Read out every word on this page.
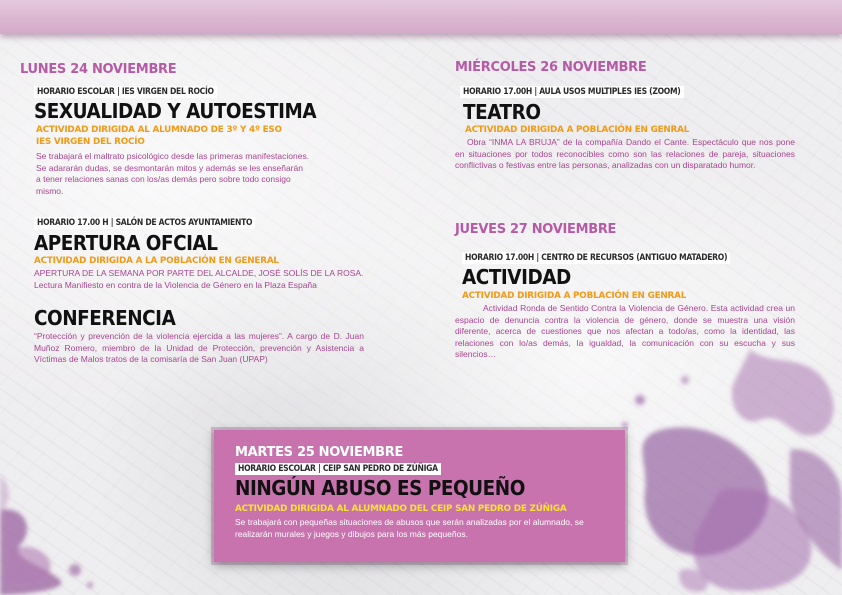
LUNES 24 NOVIEMBRE
HORARIO ESCOLAR | IES VIRGEN DEL ROCÍO
SEXUALIDAD Y AUTOESTIMA
ACTIVIDAD DIRIGIDA AL ALUMNADO DE 3º Y 4º ESO
IES VIRGEN DEL ROCÍO
Se trabajará el maltrato psicológico desde las primeras manifestaciones.
Se adararán dudas, se desmontarán mitos y además se les enseñarán
a tener relaciones sanas con los/as demás pero sobre todo consigo
mismo.
HORARIO 17.00 H | SALÓN DE ACTOS AYUNTAMIENTO
APERTURA OFCIAL
ACTIVIDAD DIRIGIDA A LA POBLACIÓN EN GENERAL
APERTURA DE LA SEMANA POR PARTE DEL ALCALDE, JOSÉ SOLÍS DE LA ROSA.
Lectura Manifiesto en contra de la Violencia de Género en la Plaza España
CONFERENCIA
“Protección y prevención de la violencia ejercida a las mujeres”. A cargo de D. Juan Muñoz Romero, miembro de la Unidad de Protección, prevención y Asistencia a Víctimas de Malos tratos de la comisaría de San Juan (UPAP)
MIÉRCOLES 26 NOVIEMBRE
HORARIO 17.00H | AULA USOS MULTIPLES IES (ZOOM)
TEATRO
ACTIVIDAD DIRIGIDA A POBLACIÓN EN GENRAL
Obra “INMA LA BRUJA” de la compañía Dando el Cante. Espectáculo que nos pone en situaciones por todos reconocibles como son las relaciones de pareja, situaciones conflictivas o festivas entre las personas, analizadas con un disparatado humor.
JUEVES 27 NOVIEMBRE
HORARIO 17.00H | CENTRO DE RECURSOS (ANTIGUO MATADERO)
ACTIVIDAD
ACTIVIDAD DIRIGIDA A POBLACIÓN EN GENRAL
Actividad Ronda de Sentido Contra la Violencia de Género. Esta actividad crea un espacio de denuncia contra la violencia de género, donde se muestra una visión diferente, acerca de cuestiones que nos afectan a todo/as, como la identidad, las relaciones con lo/as demás, la igualdad, la comunicación con su escucha y sus silencios…
MARTES 25 NOVIEMBRE
HORARIO ESCOLAR | CEIP SAN PEDRO DE ZÚÑIGA
NINGÚN ABUSO ES PEQUEÑO
ACTIVIDAD DIRIGIDA AL ALUMNADO DEL CEIP SAN PEDRO DE ZÚÑIGA
Se trabajará con pequeñas situaciones de abusos que serán analizadas por el alumnado, se realizarán murales y juegos y dibujos para los más pequeños.
